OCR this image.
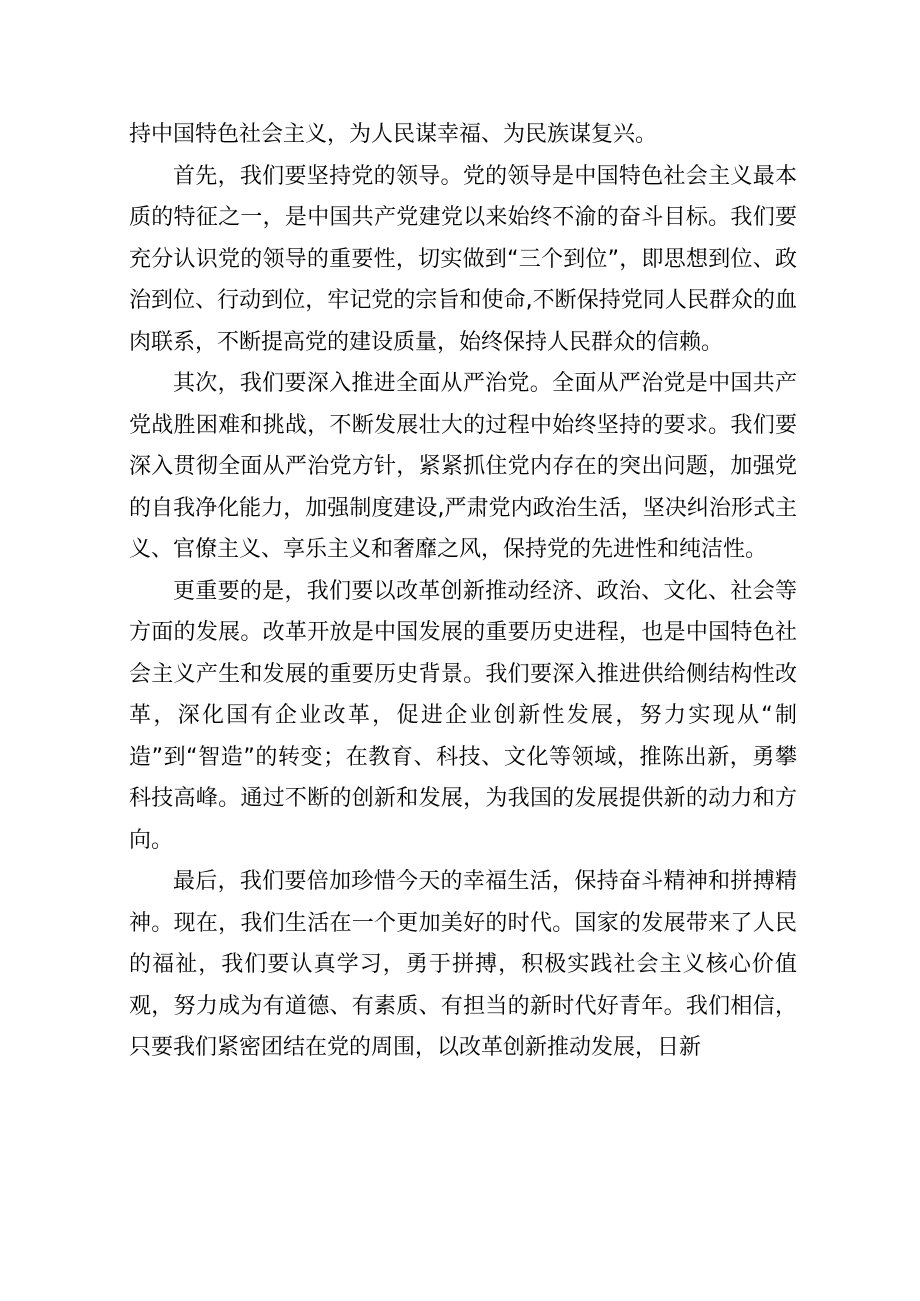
持中国特色社会主义，为人民谋幸福、为民族谋复兴。

首先，我们要坚持党的领导。党的领导是中国特色社会主义最本质的特征之一，是中国共产党建党以来始终不渝的奋斗目标。我们要充分认识党的领导的重要性，切实做到“三个到位”，即思想到位、政治到位、行动到位，牢记党的宗旨和使命,不断保持党同人民群众的血肉联系，不断提高党的建设质量，始终保持人民群众的信赖。

其次，我们要深入推进全面从严治党。全面从严治党是中国共产党战胜困难和挑战，不断发展壮大的过程中始终坚持的要求。我们要深入贯彻全面从严治党方针，紧紧抓住党内存在的突出问题，加强党的自我净化能力，加强制度建设,严肃党内政治生活，坚决纠治形式主义、官僚主义、享乐主义和奢靡之风，保持党的先进性和纯洁性。

更重要的是，我们要以改革创新推动经济、政治、文化、社会等方面的发展。改革开放是中国发展的重要历史进程，也是中国特色社会主义产生和发展的重要历史背景。我们要深入推进供给侧结构性改革，深化国有企业改革，促进企业创新性发展，努力实现从“制造”到“智造”的转变；在教育、科技、文化等领域，推陈出新，勇攀科技高峰。通过不断的创新和发展，为我国的发展提供新的动力和方向。

最后，我们要倍加珍惜今天的幸福生活，保持奋斗精神和拼搏精神。现在，我们生活在一个更加美好的时代。国家的发展带来了人民的福祉，我们要认真学习，勇于拼搏，积极实践社会主义核心价值观，努力成为有道德、有素质、有担当的新时代好青年。我们相信，只要我们紧密团结在党的周围，以改革创新推动发展，日新
